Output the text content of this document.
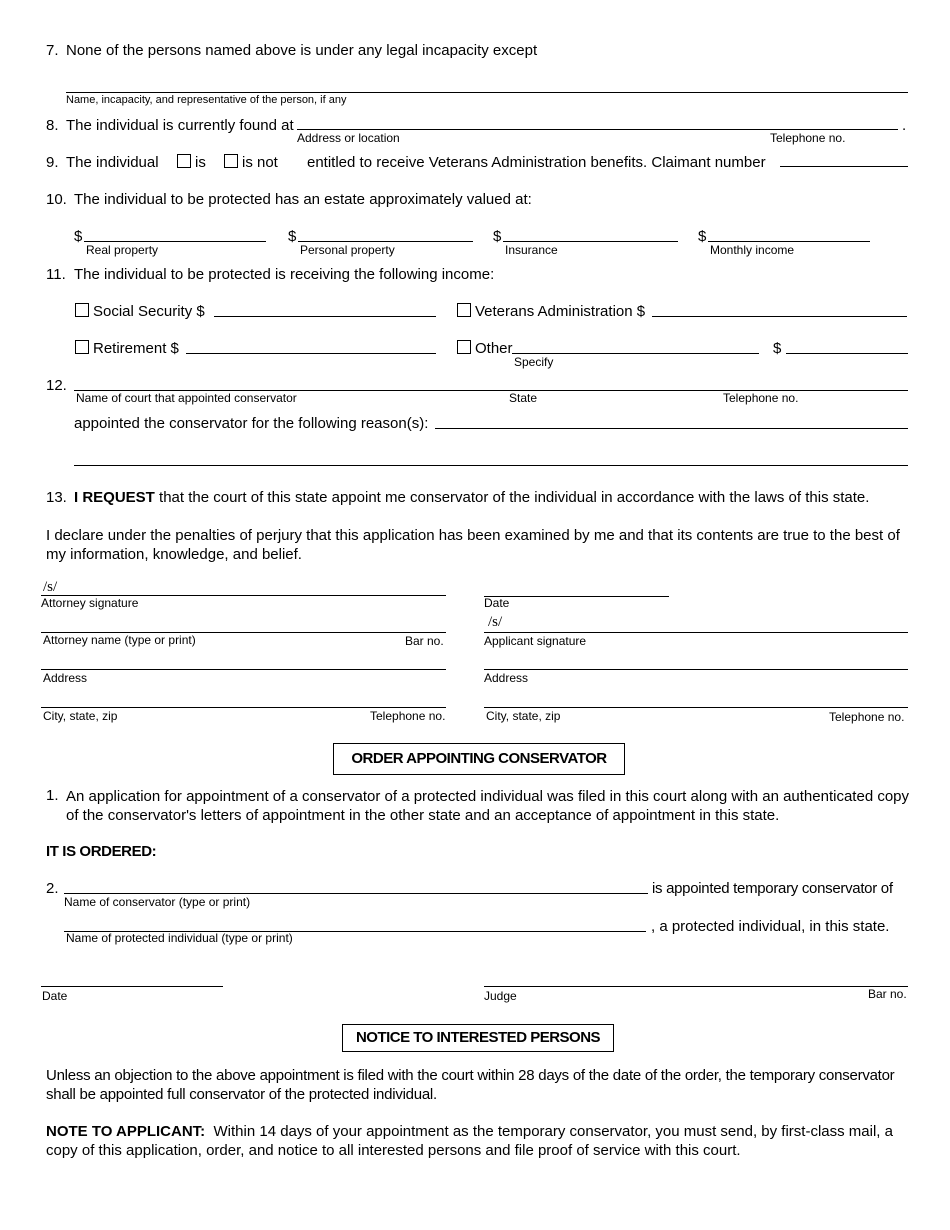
7. None of the persons named above is under any legal incapacity except
Name, incapacity, and representative of the person, if any
8. The individual is currently found at	.
Address or location	Telephone no.
9. The individual is is not entitled to receive Veterans Administration benefits. Claimant number
10. The individual to be protected has an estate approximately valued at:
$
Real property
$
Personal property
$
Insurance
$
Monthly income
11. The individual to be protected is receiving the following income:
Social Security $	Veterans Administration $
Retirement $	Other
Specify
$
12.
Name of court that appointed conservator	State	Telephone no.
appointed the conservator for the following reason(s):
13. I REQUEST that the court of this state appoint me conservator of the individual in accordance with the laws of this state.
I declare under the penalties of perjury that this application has been examined by me and that its contents are true to the best of
my information, knowledge, and belief.
/s/
Attorney signature
Attorney name (type or print)	Bar no.
Address
City, state, zip	Telephone no.
Date
/s/
Applicant signature
Address
City, state, zip	Telephone no.
ORDER APPOINTING CONSERVATOR
1. An application for appointment of a conservator of a protected individual was filed in this court along with an authenticated copy
of the conservator's letters of appointment in the other state and an acceptance of appointment in this state.
IT IS ORDERED:
2.	is appointed temporary conservator of
Name of conservator (type or print)
, a protected individual, in this state.
Name of protected individual (type or print)
Date	Judge	Bar no.
NOTICE TO INTERESTED PERSONS
Unless an objection to the above appointment is filed with the court within 28 days of the date of the order, the temporary conservator
shall be appointed full conservator of the protected individual.
NOTE TO APPLICANT: Within 14 days of your appointment as the temporary conservator, you must send, by first-class mail, a
copy of this application, order, and notice to all interested persons and file proof of service with this court.
